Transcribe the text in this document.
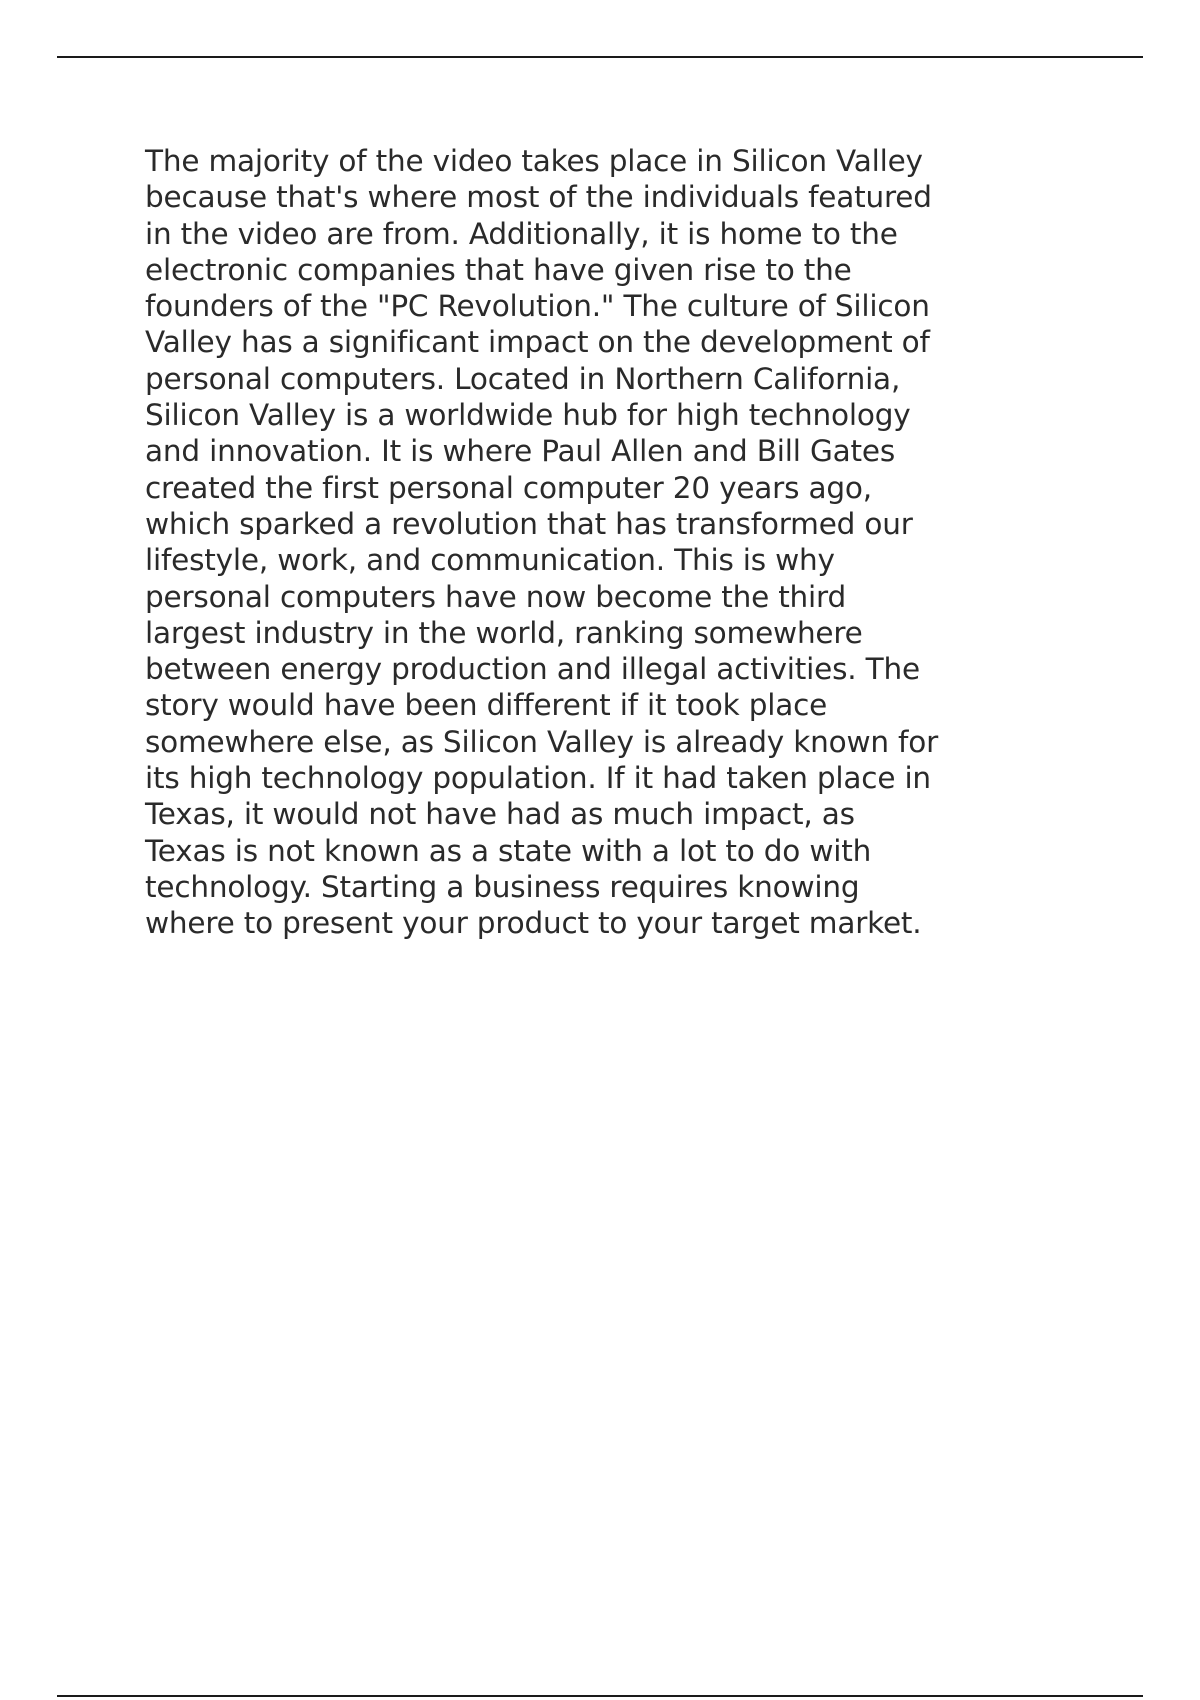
The majority of the video takes place in Silicon Valley
because that's where most of the individuals featured
in the video are from. Additionally, it is home to the
electronic companies that have given rise to the
founders of the "PC Revolution." The culture of Silicon
Valley has a significant impact on the development of
personal computers. Located in Northern California,
Silicon Valley is a worldwide hub for high technology
and innovation. It is where Paul Allen and Bill Gates
created the first personal computer 20 years ago,
which sparked a revolution that has transformed our
lifestyle, work, and communication. This is why
personal computers have now become the third
largest industry in the world, ranking somewhere
between energy production and illegal activities. The
story would have been different if it took place
somewhere else, as Silicon Valley is already known for
its high technology population. If it had taken place in
Texas, it would not have had as much impact, as
Texas is not known as a state with a lot to do with
technology. Starting a business requires knowing
where to present your product to your target market.
